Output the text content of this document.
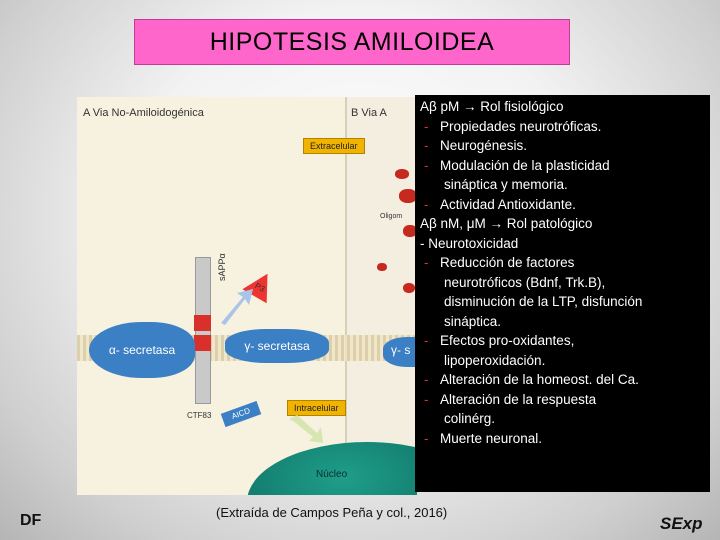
HIPOTESIS AMILOIDEA
A Via No-Amiloidogénica	B Via A
Extracelular
P3
Oligom
sAPPα
α- secretasa	γ- secretasa	γ- s
CTF83	AICD	Intracelular
Núcleo
Aβ pM → Rol fisiológico
- Propiedades neurotróficas.
- Neurogénesis.
- Modulación de la plasticidad
sináptica y memoria.
- Actividad Antioxidante.
Aβ nM, μM → Rol patológico
- Neurotoxicidad
- Reducción de factores
neurotróficos (Bdnf, Trk.B),
disminución de la LTP, disfunción
sináptica.
- Efectos pro-oxidantes,
lipoperoxidación.
- Alteración de la homeost. del Ca.
- Alteración de la respuesta
colinérg.
- Muerte neuronal.
DF	(Extraída de Campos Peña y col., 2016)
SExp
